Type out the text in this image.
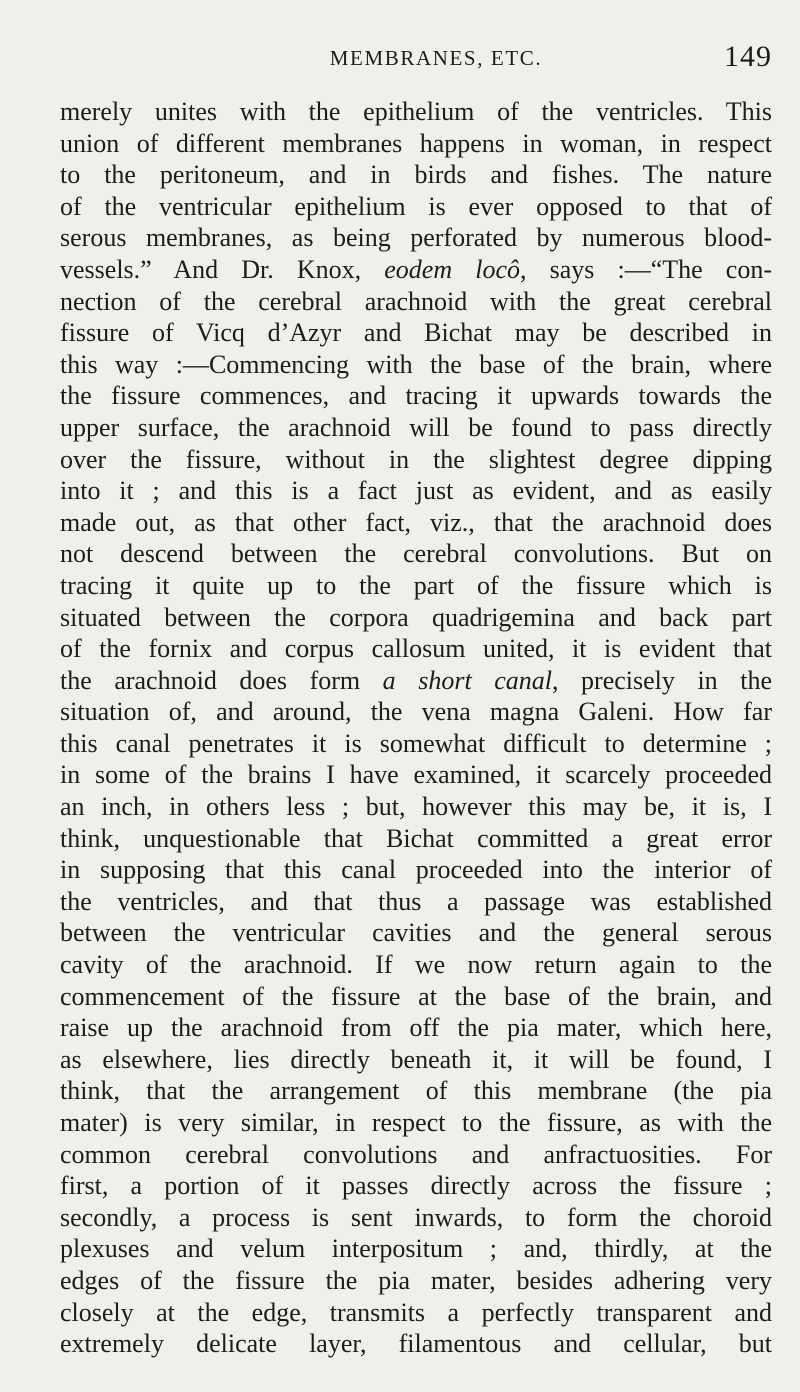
MEMBRANES, ETC.	149
merely unites with the epithelium of the ventricles. This
union of different membranes happens in woman, in respect
to the peritoneum, and in birds and fishes. The nature
of the ventricular epithelium is ever opposed to that of
serous membranes, as being perforated by numerous blood-
vessels.” And Dr. Knox, eodem locô, says :—“The con-
nection of the cerebral arachnoid with the great cerebral
fissure of Vicq d’Azyr and Bichat may be described in
this way :—Commencing with the base of the brain, where
the fissure commences, and tracing it upwards towards the
upper surface, the arachnoid will be found to pass directly
over the fissure, without in the slightest degree dipping
into it ; and this is a fact just as evident, and as easily
made out, as that other fact, viz., that the arachnoid does
not descend between the cerebral convolutions. But on
tracing it quite up to the part of the fissure which is
situated between the corpora quadrigemina and back part
of the fornix and corpus callosum united, it is evident that
the arachnoid does form a short canal, precisely in the
situation of, and around, the vena magna Galeni. How far
this canal penetrates it is somewhat difficult to determine ;
in some of the brains I have examined, it scarcely proceeded
an inch, in others less ; but, however this may be, it is, I
think, unquestionable that Bichat committed a great error
in supposing that this canal proceeded into the interior of
the ventricles, and that thus a passage was established
between the ventricular cavities and the general serous
cavity of the arachnoid. If we now return again to the
commencement of the fissure at the base of the brain, and
raise up the arachnoid from off the pia mater, which here,
as elsewhere, lies directly beneath it, it will be found, I
think, that the arrangement of this membrane (the pia
mater) is very similar, in respect to the fissure, as with the
common cerebral convolutions and anfractuosities. For
first, a portion of it passes directly across the fissure ;
secondly, a process is sent inwards, to form the choroid
plexuses and velum interpositum ; and, thirdly, at the
edges of the fissure the pia mater, besides adhering very
closely at the edge, transmits a perfectly transparent and
extremely delicate layer, filamentous and cellular, but
